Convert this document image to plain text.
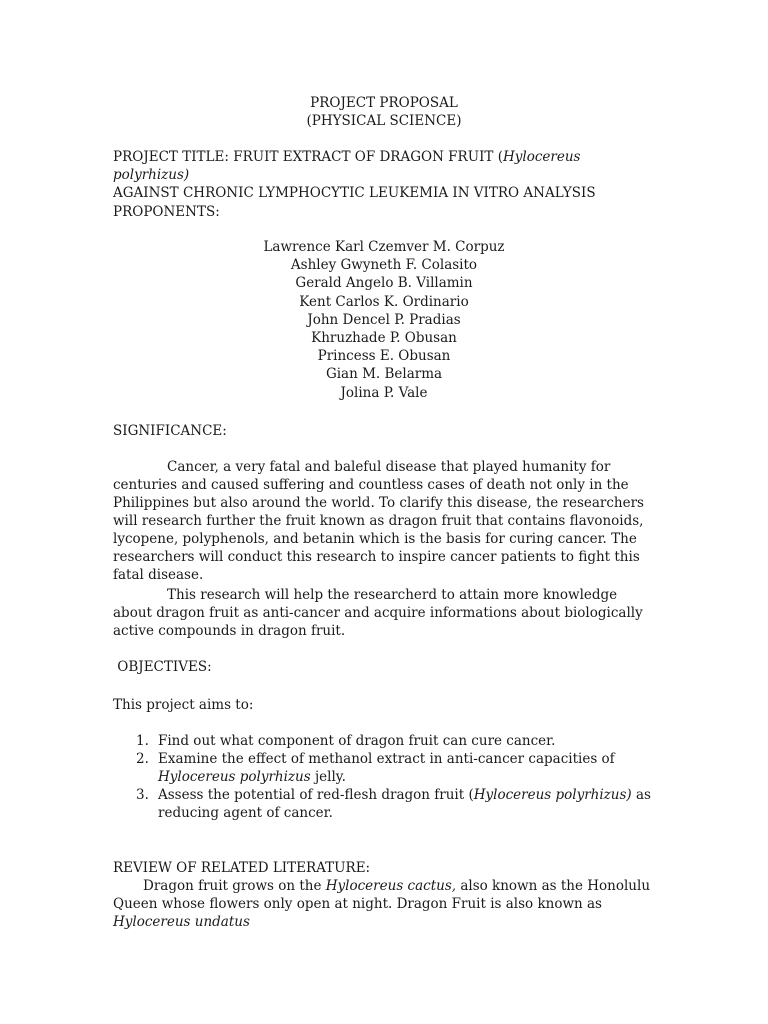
PROJECT PROPOSAL
(PHYSICAL SCIENCE)
PROJECT TITLE: FRUIT EXTRACT OF DRAGON FRUIT (Hylocereus polyrhizus)
AGAINST CHRONIC LYMPHOCYTIC LEUKEMIA IN VITRO ANALYSIS
PROPONENTS:
Lawrence Karl Czemver M. Corpuz
Ashley Gwyneth F. Colasito
Gerald Angelo B. Villamin
Kent Carlos K. Ordinario
John Dencel P. Pradias
Khruzhade P. Obusan
Princess E. Obusan
Gian M. Belarma
Jolina P. Vale
SIGNIFICANCE:
Cancer, a very fatal and baleful disease that played humanity for centuries and caused suffering and countless cases of death not only in the Philippines but also around the world. To clarify this disease, the researchers will research further the fruit known as dragon fruit that contains flavonoids, lycopene, polyphenols, and betanin which is the basis for curing cancer. The researchers will conduct this research to inspire cancer patients to fight this fatal disease.
This research will help the researcherd to attain more knowledge about dragon fruit as anti-cancer and acquire informations about biologically active compounds in dragon fruit.
OBJECTIVES:
This project aims to:
1. Find out what component of dragon fruit can cure cancer.
2. Examine the effect of methanol extract in anti-cancer capacities of Hylocereus polyrhizus jelly.
3. Assess the potential of red-flesh dragon fruit (Hylocereus polyrhizus) as reducing agent of cancer.
REVIEW OF RELATED LITERATURE:
Dragon fruit grows on the Hylocereus cactus, also known as the Honolulu Queen whose flowers only open at night. Dragon Fruit is also known as Hylocereus undatus
